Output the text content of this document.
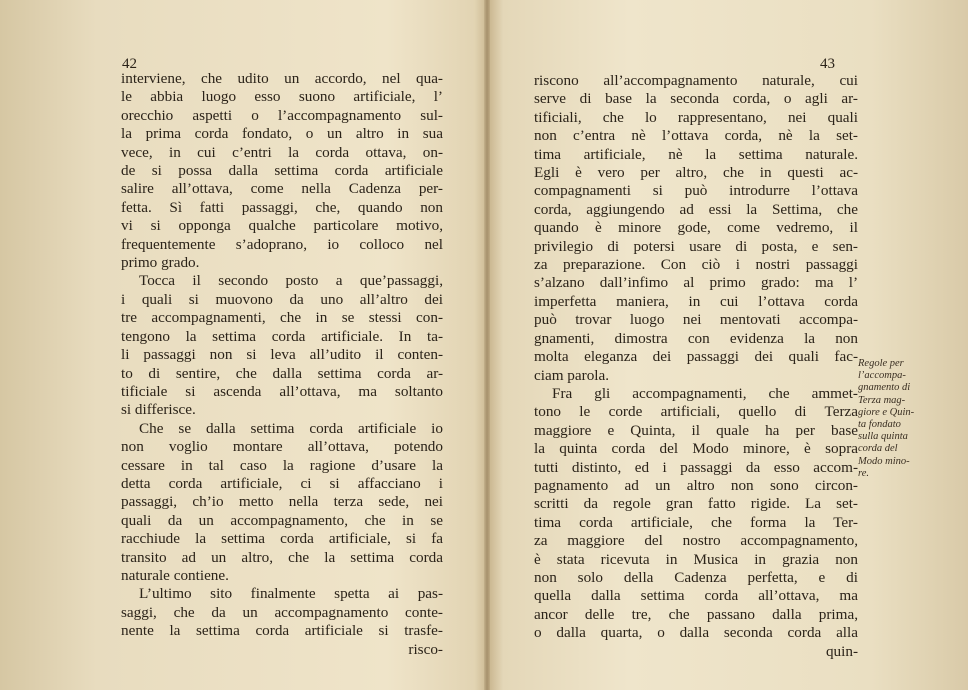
42
interviene, che udito un accordo, nel qua-
le abbia luogo esso suono artificiale, l’
orecchio aspetti o l’accompagnamento sul-
la prima corda fondato, o un altro in sua
vece, in cui c’entri la corda ottava, on-
de si possa dalla settima corda artificiale
salire all’ottava, come nella Cadenza per-
fetta. Sì fatti passaggi, che, quando non
vi si opponga qualche particolare motivo,
frequentemente s’adoprano, io colloco nel
primo grado.
Tocca il secondo posto a que’passaggi,
i quali si muovono da uno all’altro dei
tre accompagnamenti, che in se stessi con-
tengono la settima corda artificiale. In ta-
li passaggi non si leva all’udito il conten-
to di sentire, che dalla settima corda ar-
tificiale si ascenda all’ottava, ma soltanto
si differisce.
Che se dalla settima corda artificiale io
non voglio montare all’ottava, potendo
cessare in tal caso la ragione d’usare la
detta corda artificiale, ci si affacciano i
passaggi, ch’io metto nella terza sede, nei
quali da un accompagnamento, che in se
racchiude la settima corda artificiale, si fa
transito ad un altro, che la settima corda
naturale contiene.
L’ultimo sito finalmente spetta ai pas-
saggi, che da un accompagnamento conte-
nente la settima corda artificiale si trasfe-
risco-
43
riscono all’accompagnamento naturale, cui
serve di base la seconda corda, o agli ar-
tificiali, che lo rappresentano, nei quali
non c’entra nè l’ottava corda, nè la set-
tima artificiale, nè la settima naturale.
Egli è vero per altro, che in questi ac-
compagnamenti si può introdurre l’ottava
corda, aggiungendo ad essi la Settima, che
quando è minore gode, come vedremo, il
privilegio di potersi usare di posta, e sen-
za preparazione. Con ciò i nostri passaggi
s’alzano dall’infimo al primo grado: ma l’
imperfetta maniera, in cui l’ottava corda
può trovar luogo nei mentovati accompa-
gnamenti, dimostra con evidenza la non
molta eleganza dei passaggi dei quali fac-
ciam parola.
Fra gli accompagnamenti, che ammet-
tono le corde artificiali, quello di Terza
maggiore e Quinta, il quale ha per base
la quinta corda del Modo minore, è sopra
tutti distinto, ed i passaggi da esso accom-
pagnamento ad un altro non sono circon-
scritti da regole gran fatto rigide. La set-
tima corda artificiale, che forma la Ter-
za maggiore del nostro accompagnamento,
è stata ricevuta in Musica in grazia non
non solo della Cadenza perfetta, e di
quella dalla settima corda all’ottava, ma
ancor delle tre, che passano dalla prima,
o dalla quarta, o dalla seconda corda alla
quin-
Regole per
l’accompa-
gnamento di
Terza mag-
giore e Quin-
ta fondato
sulla quinta
corda del
Modo mino-
re.
